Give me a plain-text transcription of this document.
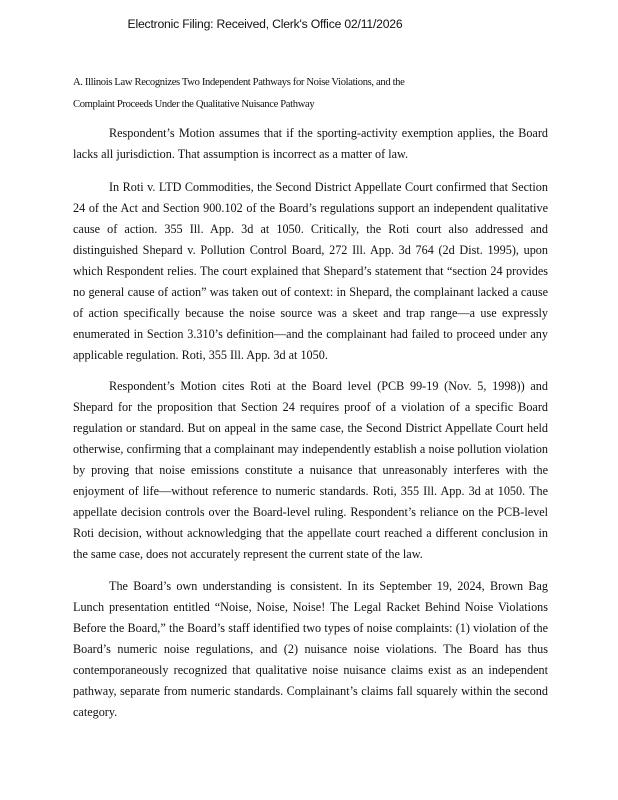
Electronic Filing: Received, Clerk's Office 02/11/2026
A. Illinois Law Recognizes Two Independent Pathways for Noise Violations, and the
Complaint Proceeds Under the Qualitative Nuisance Pathway

Respondent’s Motion assumes that if the sporting-activity exemption applies, the Board
lacks all jurisdiction. That assumption is incorrect as a matter of law.

In Roti v. LTD Commodities, the Second District Appellate Court confirmed that Section
24 of the Act and Section 900.102 of the Board’s regulations support an independent qualitative
cause of action. 355 Ill. App. 3d at 1050. Critically, the Roti court also addressed and
distinguished Shepard v. Pollution Control Board, 272 Ill. App. 3d 764 (2d Dist. 1995), upon
which Respondent relies. The court explained that Shepard’s statement that “section 24 provides
no general cause of action” was taken out of context: in Shepard, the complainant lacked a cause
of action specifically because the noise source was a skeet and trap range—a use expressly
enumerated in Section 3.310’s definition—and the complainant had failed to proceed under any
applicable regulation. Roti, 355 Ill. App. 3d at 1050.

Respondent’s Motion cites Roti at the Board level (PCB 99-19 (Nov. 5, 1998)) and
Shepard for the proposition that Section 24 requires proof of a violation of a specific Board
regulation or standard. But on appeal in the same case, the Second District Appellate Court held
otherwise, confirming that a complainant may independently establish a noise pollution violation
by proving that noise emissions constitute a nuisance that unreasonably interferes with the
enjoyment of life—without reference to numeric standards. Roti, 355 Ill. App. 3d at 1050. The
appellate decision controls over the Board-level ruling. Respondent’s reliance on the PCB-level
Roti decision, without acknowledging that the appellate court reached a different conclusion in
the same case, does not accurately represent the current state of the law.

The Board’s own understanding is consistent. In its September 19, 2024, Brown Bag
Lunch presentation entitled “Noise, Noise, Noise! The Legal Racket Behind Noise Violations
Before the Board,” the Board’s staff identified two types of noise complaints: (1) violation of the
Board’s numeric noise regulations, and (2) nuisance noise violations. The Board has thus
contemporaneously recognized that qualitative noise nuisance claims exist as an independent
pathway, separate from numeric standards. Complainant’s claims fall squarely within the second
category.
